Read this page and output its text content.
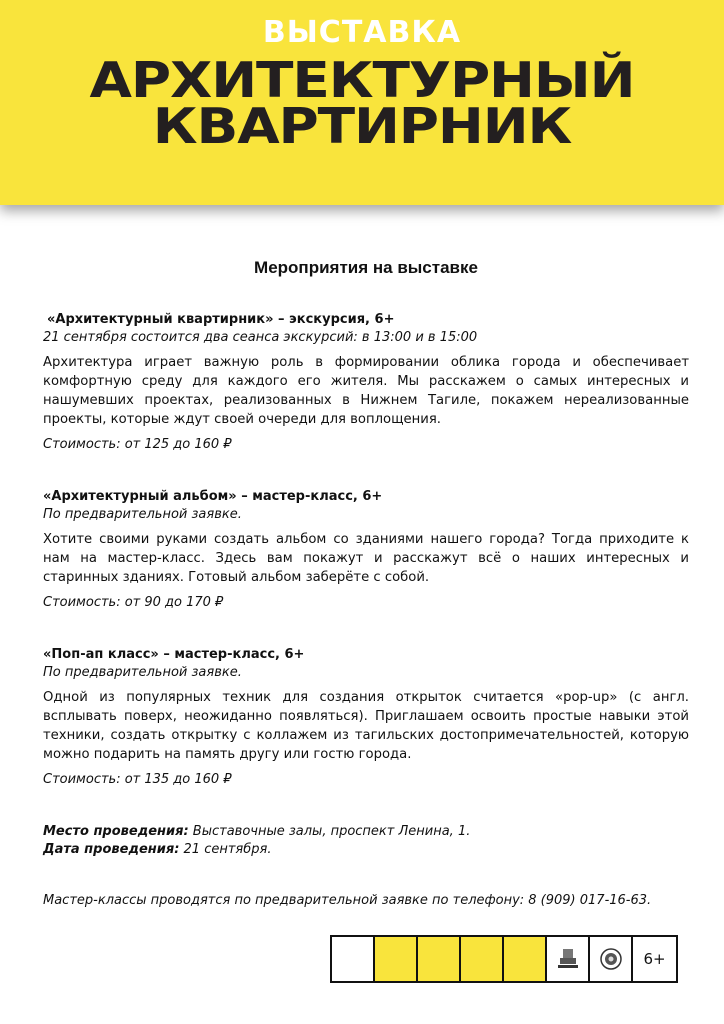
ВЫСТАВКА
АРХИТЕКТУРНЫЙ
КВАРТИРНИК
Мероприятия на выставке
«Архитектурный квартирник» – экскурсия, 6+
21 сентября состоится два сеанса экскурсий: в 13:00 и в 15:00
Архитектура играет важную роль в формировании облика города и обеспечивает комфортную среду для каждого его жителя. Мы расскажем о самых интересных и нашумевших проектах, реализованных в Нижнем Тагиле, покажем нереализованные проекты, которые ждут своей очереди для воплощения.
Стоимость: от 125 до 160 ₽
«Архитектурный альбом» – мастер-класс, 6+
По предварительной заявке.
Хотите своими руками создать альбом со зданиями нашего города? Тогда приходите к нам на мастер-класс. Здесь вам покажут и расскажут всё о наших интересных и старинных зданиях. Готовый альбом заберёте с собой.
Стоимость: от 90 до 170 ₽
«Поп-ап класс» – мастер-класс, 6+
По предварительной заявке.
Одной из популярных техник для создания открыток считается «pop-up» (с англ. всплывать поверх, неожиданно появляться). Приглашаем освоить простые навыки этой техники, создать открытку с коллажем из тагильских достопримечательностей, которую можно подарить на память другу или гостю города.
Стоимость: от 135 до 160 ₽
Место проведения: Выставочные залы, проспект Ленина, 1.
Дата проведения: 21 сентября.
Мастер-классы проводятся по предварительной заявке по телефону: 8 (909) 017-16-63.
6+
